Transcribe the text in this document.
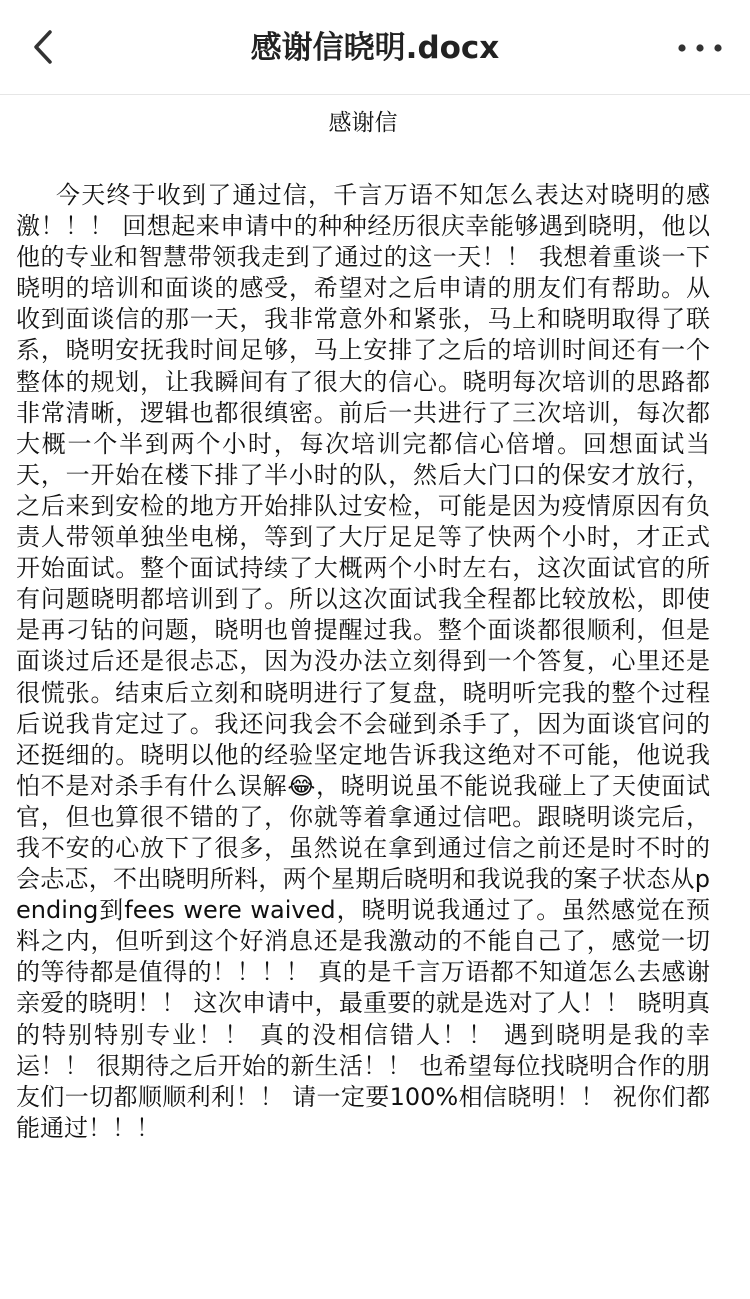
感谢信晓明.docx

感谢信

今天终于收到了通过信，千言万语不知怎么表达对晓明的感激！！！ 回想起来申请中的种种经历很庆幸能够遇到晓明，他以他的专业和智慧带领我走到了通过的这一天！！ 我想着重谈一下晓明的培训和面谈的感受，希望对之后申请的朋友们有帮助。从收到面谈信的那一天，我非常意外和紧张，马上和晓明取得了联系，晓明安抚我时间足够，马上安排了之后的培训时间还有一个整体的规划，让我瞬间有了很大的信心。晓明每次培训的思路都非常清晰，逻辑也都很缜密。前后一共进行了三次培训，每次都大概一个半到两个小时，每次培训完都信心倍增。回想面试当天，一开始在楼下排了半小时的队，然后大门口的保安才放行，之后来到安检的地方开始排队过安检，可能是因为疫情原因有负责人带领单独坐电梯，等到了大厅足足等了快两个小时，才正式开始面试。整个面试持续了大概两个小时左右，这次面试官的所有问题晓明都培训到了。所以这次面试我全程都比较放松，即使是再刁钻的问题，晓明也曾提醒过我。整个面谈都很顺利，但是面谈过后还是很忐忑，因为没办法立刻得到一个答复，心里还是很慌张。结束后立刻和晓明进行了复盘，晓明听完我的整个过程后说我肯定过了。我还问我会不会碰到杀手了，因为面谈官问的还挺细的。晓明以他的经验坚定地告诉我这绝对不可能，他说我怕不是对杀手有什么误解😂，晓明说虽不能说我碰上了天使面试官，但也算很不错的了，你就等着拿通过信吧。跟晓明谈完后，我不安的心放下了很多，虽然说在拿到通过信之前还是时不时的会忐忑，不出晓明所料，两个星期后晓明和我说我的案子状态从pending到fees were waived，晓明说我通过了。虽然感觉在预料之内，但听到这个好消息还是我激动的不能自己了，感觉一切的等待都是值得的！！！！ 真的是千言万语都不知道怎么去感谢亲爱的晓明！！ 这次申请中，最重要的就是选对了人！！ 晓明真的特别特别专业！！ 真的没相信错人！！ 遇到晓明是我的幸运！！ 很期待之后开始的新生活！！ 也希望每位找晓明合作的朋友们一切都顺顺利利！！ 请一定要100%相信晓明！！ 祝你们都能通过！！！
